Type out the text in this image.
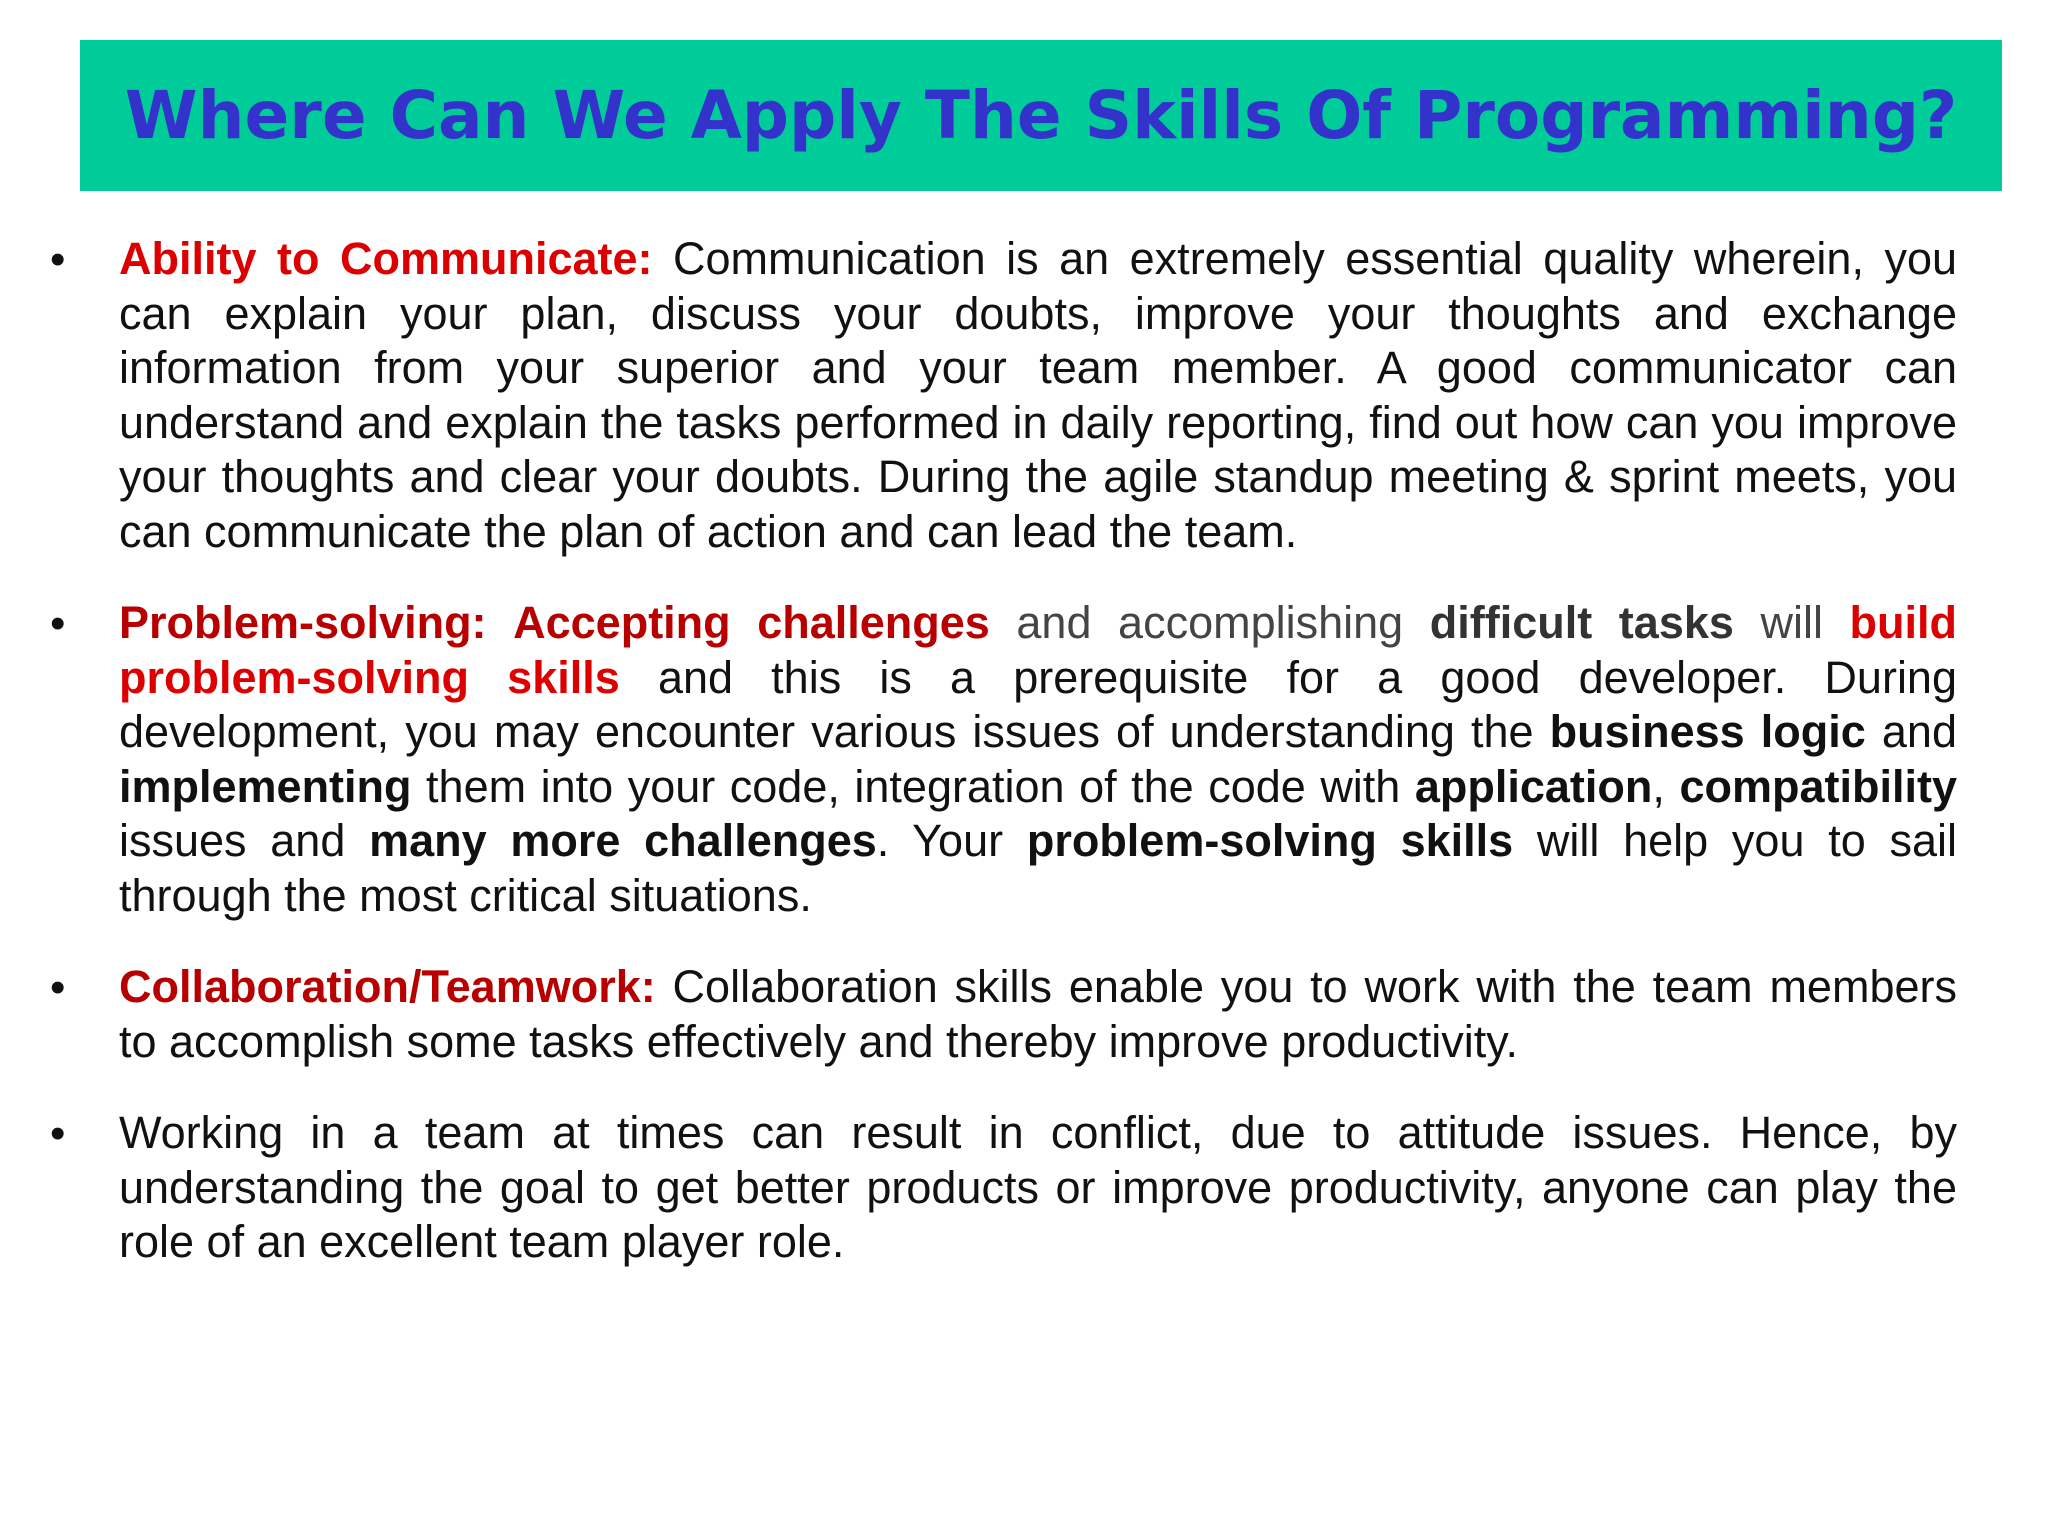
Where Can We Apply The Skills Of Programming?
• Ability to Communicate: Communication is an extremely essential quality wherein, you can explain your plan, discuss your doubts, improve your thoughts and exchange information from your superior and your team member. A good communicator can understand and explain the tasks performed in daily reporting, find out how can you improve your thoughts and clear your doubts. During the agile standup meeting & sprint meets, you can communicate the plan of action and can lead the team.

• Problem-solving: Accepting challenges and accomplishing difficult tasks will build problem-solving skills and this is a prerequisite for a good developer. During development, you may encounter various issues of understanding the business logic and implementing them into your code, integration of the code with application, compatibility issues and many more challenges. Your problem-solving skills will help you to sail through the most critical situations.

• Collaboration/Teamwork: Collaboration skills enable you to work with the team members to accomplish some tasks effectively and thereby improve productivity.

• Working in a team at times can result in conflict, due to attitude issues. Hence, by understanding the goal to get better products or improve productivity, anyone can play the role of an excellent team player role.
